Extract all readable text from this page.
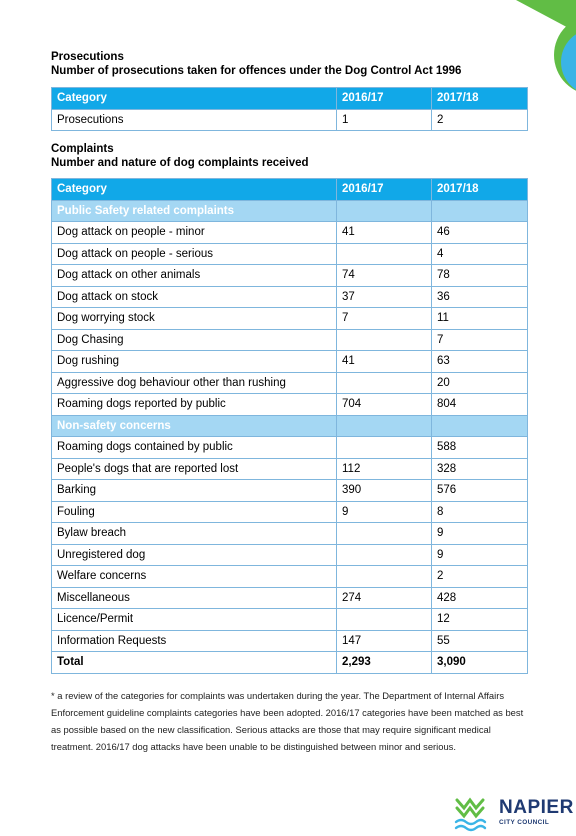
Prosecutions
Number of prosecutions taken for offences under the Dog Control Act 1996
Category	2016/17	2017/18
Prosecutions	1	2
Complaints
Number and nature of dog complaints received
Category	2016/17	2017/18
Public Safety related complaints		
Dog attack on people - minor	41	46
Dog attack on people - serious		4
Dog attack on other animals	74	78
Dog attack on stock	37	36
Dog worrying stock	7	11
Dog Chasing		7
Dog rushing	41	63
Aggressive dog behaviour other than rushing		20
Roaming dogs reported by public	704	804
Non-safety concerns		
Roaming dogs contained by public		588
People's dogs that are reported lost	112	328
Barking	390	576
Fouling	9	8
Bylaw breach		9
Unregistered dog		9
Welfare concerns		2
Miscellaneous	274	428
Licence/Permit		12
Information Requests	147	55
Total	2,293	3,090
* a review of the categories for complaints was undertaken during the year. The Department of Internal Affairs Enforcement guideline complaints categories have been adopted. 2016/17 categories have been matched as best as possible based on the new classification. Serious attacks are those that may require significant medical treatment. 2016/17 dog attacks have been unable to be distinguished between minor and serious.
NAPIER
CITY COUNCIL
